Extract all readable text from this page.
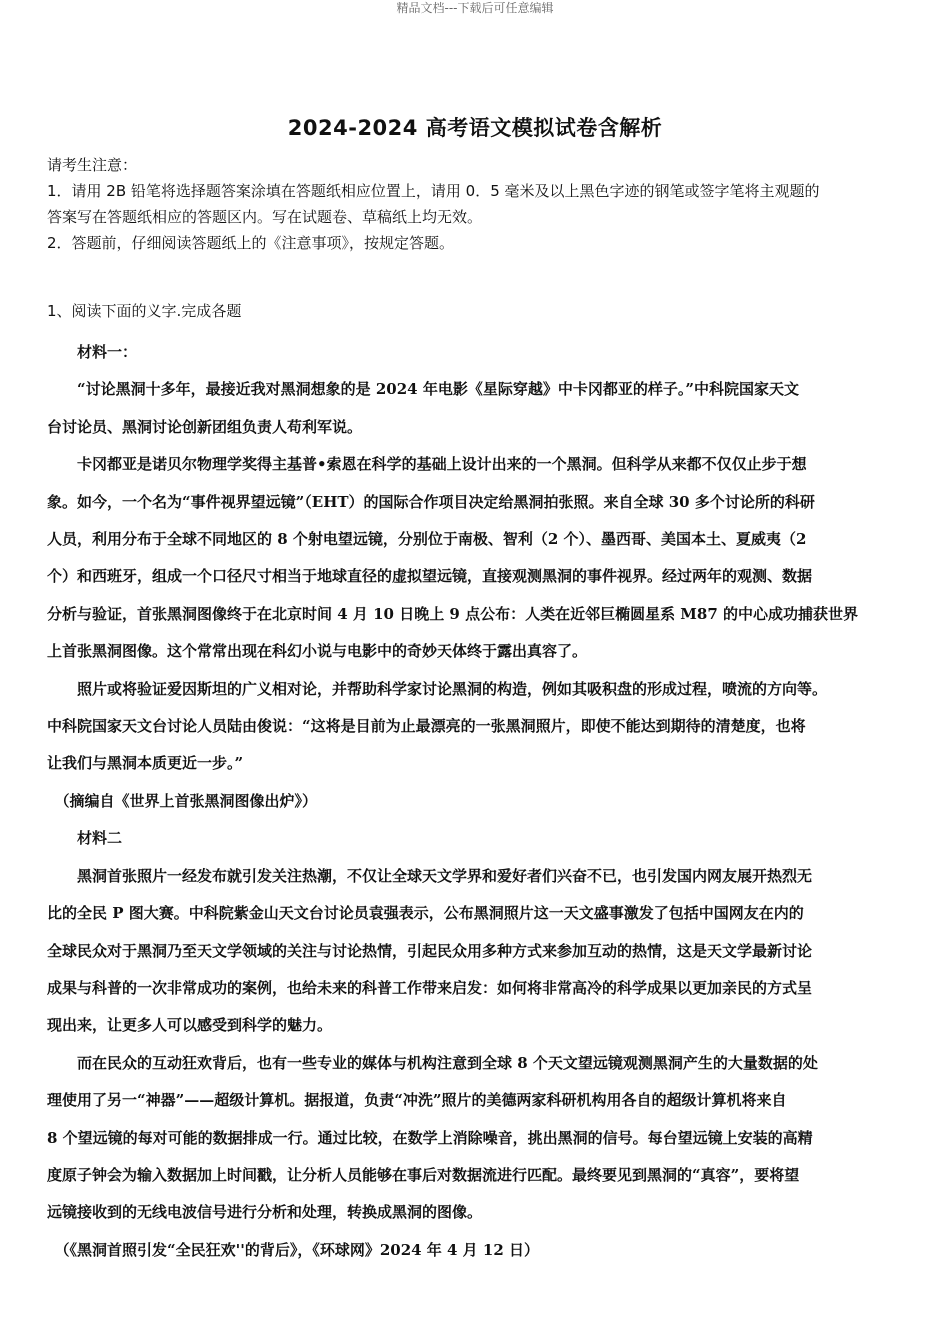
精品文档---下载后可任意编辑
2024-2024 高考语文模拟试卷含解析
请考生注意：
1．请用 2B 铅笔将选择题答案涂填在答题纸相应位置上，请用 0．5 毫米及以上黑色字迹的钢笔或签字笔将主观题的
答案写在答题纸相应的答题区内。写在试题卷、草稿纸上均无效。
2．答题前，仔细阅读答题纸上的《注意事项》，按规定答题。
1、阅读下面的义字.完成各题
　　材料一：
　　“讨论黑洞十多年，最接近我对黑洞想象的是 2024 年电影《星际穿越》中卡冈都亚的样子。”中科院国家天文
台讨论员、黑洞讨论创新团组负责人苟利军说。
　　卡冈都亚是诺贝尔物理学奖得主基普•索恩在科学的基础上设计出来的一个黑洞。但科学从来都不仅仅止步于想
象。如今，一个名为“事件视界望远镜”（EHT）的国际合作项目决定给黑洞拍张照。来自全球 30 多个讨论所的科研
人员，利用分布于全球不同地区的 8 个射电望远镜，分别位于南极、智利（2 个）、墨西哥、美国本土、夏威夷（2
个）和西班牙，组成一个口径尺寸相当于地球直径的虚拟望远镜，直接观测黑洞的事件视界。经过两年的观测、数据
分析与验证，首张黑洞图像终于在北京时间 4 月 10 日晚上 9 点公布：人类在近邻巨椭圆星系 M87 的中心成功捕获世界
上首张黑洞图像。这个常常出现在科幻小说与电影中的奇妙天体终于露出真容了。
　　照片或将验证爱因斯坦的广义相对论，并帮助科学家讨论黑洞的构造，例如其吸积盘的形成过程，喷流的方向等。
中科院国家天文台讨论人员陆由俊说：“这将是目前为止最漂亮的一张黑洞照片，即使不能达到期待的清楚度，也将
让我们与黑洞本质更近一步。”
　（摘编自《世界上首张黑洞图像出炉》）
　　材料二
　　黑洞首张照片一经发布就引发关注热潮，不仅让全球天文学界和爱好者们兴奋不已，也引发国内网友展开热烈无
比的全民 P 图大赛。中科院紫金山天文台讨论员袁强表示，公布黑洞照片这一天文盛事激发了包括中国网友在内的
全球民众对于黑洞乃至天文学领域的关注与讨论热情，引起民众用多种方式来参加互动的热情，这是天文学最新讨论
成果与科普的一次非常成功的案例，也给未来的科普工作带来启发：如何将非常高冷的科学成果以更加亲民的方式呈
现出来，让更多人可以感受到科学的魅力。
　　而在民众的互动狂欢背后，也有一些专业的媒体与机构注意到全球 8 个天文望远镜观测黑洞产生的大量数据的处
理使用了另一“神器”——超级计算机。据报道，负责“冲洗”照片的美德两家科研机构用各自的超级计算机将来自
8 个望远镜的每对可能的数据排成一行。通过比较，在数学上消除噪音，挑出黑洞的信号。每台望远镜上安装的高精
度原子钟会为输入数据加上时间戳，让分析人员能够在事后对数据流进行匹配。最终要见到黑洞的“真容”，要将望
远镜接收到的无线电波信号进行分析和处理，转换成黑洞的图像。
　（《黑洞首照引发“全民狂欢''的背后》，《环球网》2024 年 4 月 12 日）
